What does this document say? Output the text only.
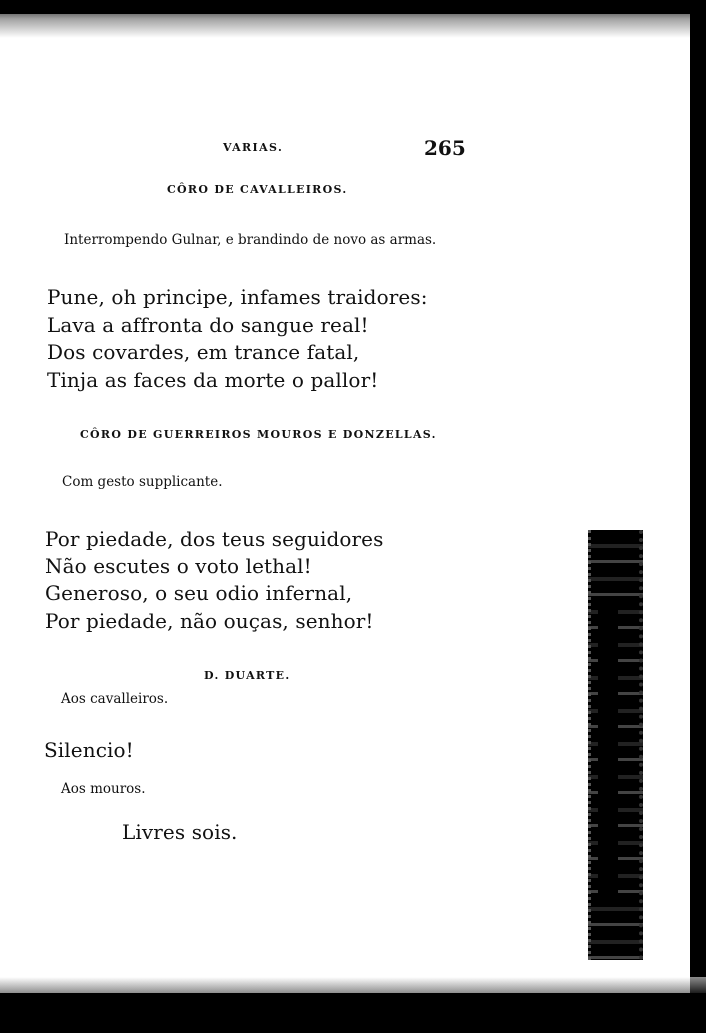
VARIAS.	265
CÔRO DE CAVALLEIROS.
Interrompendo Gulnar, e brandindo de novo as armas.
Pune, oh principe, infames traidores:
Lava a affronta do sangue real!
Dos covardes, em trance fatal,
Tinja as faces da morte o pallor!
CÔRO DE GUERREIROS MOUROS E DONZELLAS.
Com gesto supplicante.
Por piedade, dos teus seguidores
Não escutes o voto lethal!
Generoso, o seu odio infernal,
Por piedade, não ouças, senhor!
D. DUARTE.
Aos cavalleiros.
Silencio!
Aos mouros.
Livres sois.
